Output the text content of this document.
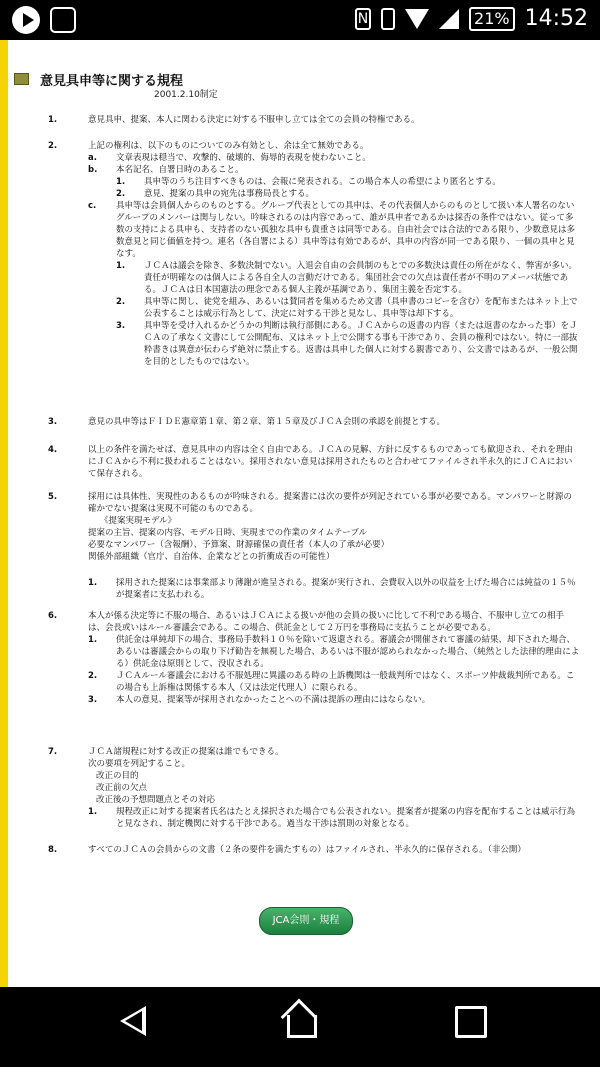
N	21% 14:52
意見具申等に関する規程
2001.2.10制定
1.	意見具申、提案、本人に関わる決定に対する不服申し立ては全ての会員の特権である。
2.	上記の権利は、以下のものについてのみ有効とし、余は全て無効である。
a. 文章表現は穏当で、攻撃的、破壊的、侮辱的表現を使わないこと。
b. 本名記名、自署日時のあること。
1. 具申等のうち注目すべきものは、会報に発表される。この場合本人の希望により匿名とする。
2. 意見、提案の具申の宛先は事務局長とする。
c. 具申等は会員個人からのものとする。グループ代表としての具申は、その代表個人からのものとして扱い本人署名のないグループのメンバーは関与しない。吟味されるのは内容であって、誰が具申者であるかは採否の条件ではない。従って多数の支持による具申も、支持者のない孤独な具申も貴重さは同等である。自由社会では合法的である限り、少数意見は多数意見と同じ価値を持つ。連名（各自署による）具申等は有効であるが、具申の内容が同一である限り、一個の具申と見なす。
1. ＪＣＡは議会を除き、多数決制でない。入退会自由の会員制のもとでの多数決は責任の所在がなく、弊害が多い。責任が明確なのは個人による各自全人の言動だけである。集団社会での欠点は責任者が不明のアメーバ状態である。ＪＣＡは日本国憲法の理念である個人主義が基調であり、集団主義を否定する。
2. 具申等に関し、徒党を組み、あるいは賛同者を集めるため文書（具申書のコピーを含む）を配布またはネット上で公表することは威示行為として、決定に対する干渉と見なし、具申等は却下する。
3. 具申等を受け入れるかどうかの判断は執行部側にある。ＪＣＡからの返書の内容（または返書のなかった事）をＪＣＡの了承なく文書にして公開配布、又はネット上で公開する事も干渉であり、会員の権利ではない。特に一部抜粋書きは異意が伝わらず絶対に禁止する。返書は具申した個人に対する親書であり、公文書ではあるが、一般公開を目的としたものではない。
3.	意見の具申等はＦＩＤＥ憲章第１章、第２章、第１５章及びＪＣＡ会則の承認を前提とする。
4.	以上の条件を満たせば、意見具申の内容は全く自由である。ＪＣＡの見解、方針に反するものであっても歓迎され、それを理由にＪＣＡから不利に扱われることはない。採用されない意見は採用されたものと合わせてファイルされ半永久的にＪＣＡにおいて保存される。
5.	採用には具体性、実現性のあるものが吟味される。提案書には次の要件が列記されている事が必要である。マンパワーと財源の確かでない提案は実現不可能のものである。
《提案実現モデル》
提案の主旨、提案の内容、モデル日時、実現までの作業のタイムテーブル
必要なマンパワー（含報酬）、予算案、財源確保の責任者（本人の了承が必要）
関係外部組織（官庁、自治体、企業などとの折衝成否の可能性）
1. 採用された提案には事業部より薄謝が進呈される。提案が実行され、会費収入以外の収益を上げた場合には純益の１５％が提案者に支払われる。
6.	本人が係る決定等に不服の場合、あるいはＪＣＡによる扱いが他の会員の扱いに比して不利である場合、不服申し立ての相手は、会長或いはルール審議会である。この場合、供託金として２万円を事務局に支払うことが必要である。
1. 供託金は単純却下の場合、事務局手数料１０％を除いて返還される。審議会が開催されて審議の結果、却下された場合、あるいは審議会からの取り下げ勧告を無視した場合、あるいは不服が認められなかった場合、（純然とした法律的理由による）供託金は原則として、没収される。
2. ＪＣＡルール審議会における不服処理に異議のある時の上訴機関は一般裁判所ではなく、スポーツ仲裁裁判所である。この場合も上訴権は関係する本人（又は法定代理人）に限られる。
3. 本人の意見、提案等が採用されなかったことへの不満は提訴の理由にはならない。
7.	ＪＣＡ諸規程に対する改正の提案は誰でもできる。
次の要項を列記すること。
改正の目的
改正前の欠点
改正後の予想問題点とその対応
1. 規程改正に対する提案者氏名はたとえ採択された場合でも公表されない。提案者が提案の内容を配布することは威示行為と見なされ、制定機関に対する干渉である。過当な干渉は罰則の対象となる。
8.	すべてのＪＣＡの会員からの文書（２条の要件を満たすもの）はファイルされ、半永久的に保存される。（非公開）
JCA会則・規程
